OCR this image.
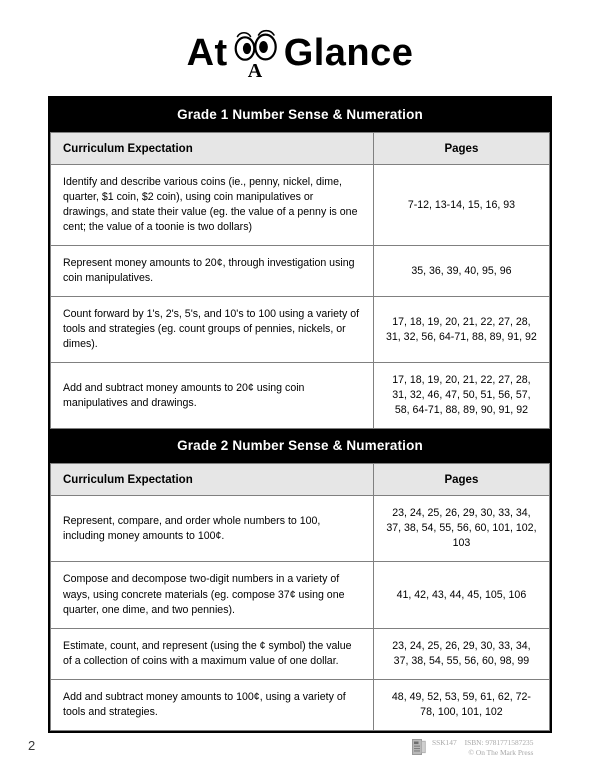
At A Glance
Grade 1 Number Sense & Numeration
Curriculum Expectation	Pages
Identify and describe various coins (ie., penny, nickel, dime, quarter, $1 coin, $2 coin), using coin manipulatives or drawings, and state their value (eg. the value of a penny is one cent; the value of a toonie is two dollars)	7-12, 13-14, 15, 16, 93
Represent money amounts to 20¢, through investigation using coin manipulatives.	35, 36, 39, 40, 95, 96
Count forward by 1's, 2's, 5's, and 10's to 100 using a variety of tools and strategies (eg. count groups of pennies, nickels, or dimes).	17, 18, 19, 20, 21, 22, 27, 28, 31, 32, 56, 64-71, 88, 89, 91, 92
Add and subtract money amounts to 20¢ using coin manipulatives and drawings.	17, 18, 19, 20, 21, 22, 27, 28, 31, 32, 46, 47, 50, 51, 56, 57, 58, 64-71, 88, 89, 90, 91, 92
Grade 2 Number Sense & Numeration
Curriculum Expectation	Pages
Represent, compare, and order whole numbers to 100, including money amounts to 100¢.	23, 24, 25, 26, 29, 30, 33, 34, 37, 38, 54, 55, 56, 60, 101, 102, 103
Compose and decompose two-digit numbers in a variety of ways, using concrete materials (eg. compose 37¢ using one quarter, one dime, and two pennies).	41, 42, 43, 44, 45, 105, 106
Estimate, count, and represent (using the ¢ symbol) the value of a collection of coins with a maximum value of one dollar.	23, 24, 25, 26, 29, 30, 33, 34, 37, 38, 54, 55, 56, 60, 98, 99
Add and subtract money amounts to 100¢, using a variety of tools and strategies.	48, 49, 52, 53, 59, 61, 62, 72-78, 100, 101, 102
2	SSK147 ISBN: 9781771587235
© On The Mark Press
